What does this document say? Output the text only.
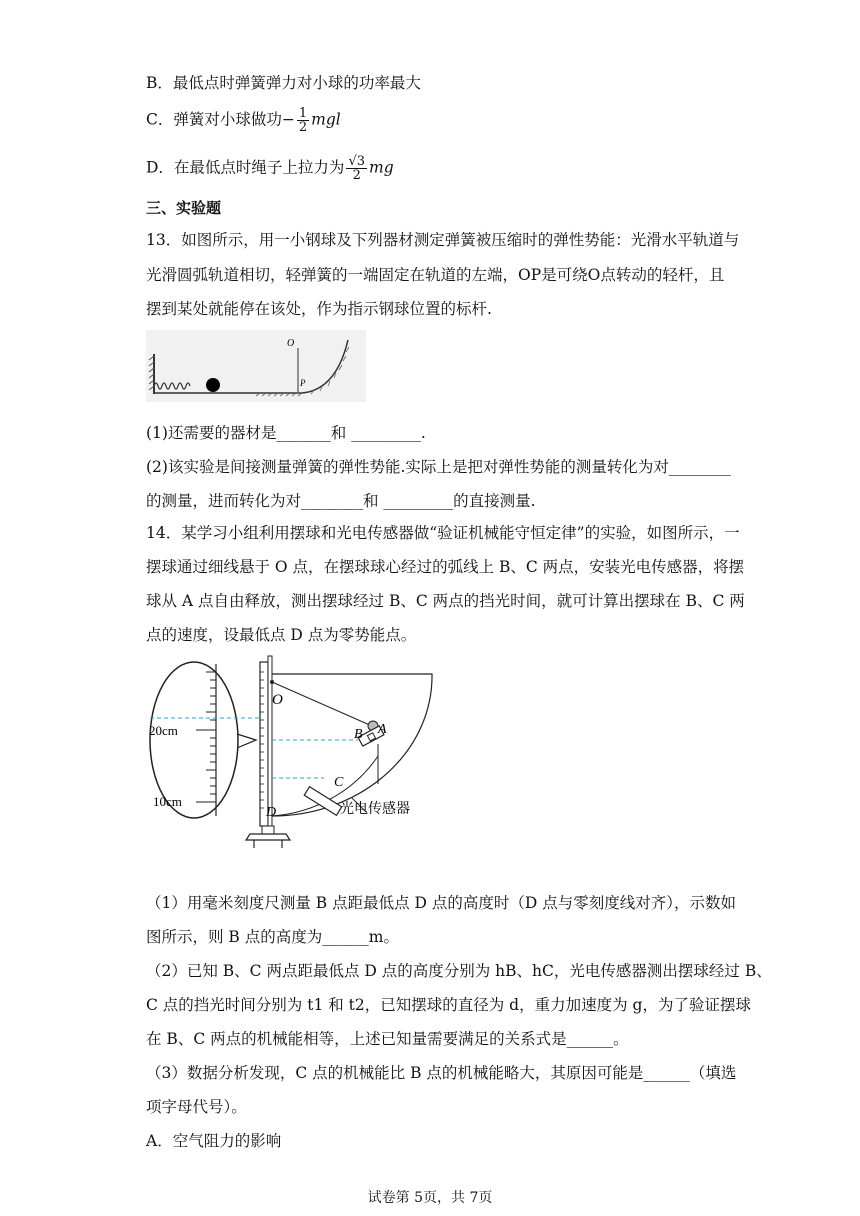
B．最低点时弹簧弹力对小球的功率最大
C．弹簧对小球做功− $\frac{1}{2}$ mgl
D．在最低点时绳子上拉力为 $\frac{√3}{2}$ mg
三、实验题
13．如图所示，用一小钢球及下列器材测定弹簧被压缩时的弹性势能：光滑水平轨道与
光滑圆弧轨道相切，轻弹簧的一端固定在轨道的左端，OP是可绕O点转动的轻杆，且
摆到某处就能停在该处，作为指示钢球位置的标杆.
O
P
(1)还需要的器材是_______和 _________.
(2)该实验是间接测量弹簧的弹性势能.实际上是把对弹性势能的测量转化为对________
的测量，进而转化为对________和 _________的直接测量.
14．某学习小组利用摆球和光电传感器做“验证机械能守恒定律”的实验，如图所示，一
摆球通过细线悬于 O 点，在摆球球心经过的弧线上 B、C 两点，安装光电传感器，将摆
球从 A 点自由释放，测出摆球经过 B、C 两点的挡光时间，就可计算出摆球在 B、C 两
点的速度，设最低点 D 点为零势能点。
20cm
10cm
O
A
B
C
D	光电传感器
（1）用毫米刻度尺测量 B 点距最低点 D 点的高度时（D 点与零刻度线对齐），示数如
图所示，则 B 点的高度为______m。
（2）已知 B、C 两点距最低点 D 点的高度分别为 hB、hC，光电传感器测出摆球经过 B、
C 点的挡光时间分别为 t1 和 t2，已知摆球的直径为 d，重力加速度为 g，为了验证摆球
在 B、C 两点的机械能相等，上述已知量需要满足的关系式是______。
（3）数据分析发现，C 点的机械能比 B 点的机械能略大，其原因可能是______（填选
项字母代号）。
A．空气阻力的影响
试卷第 5页，共 7页
